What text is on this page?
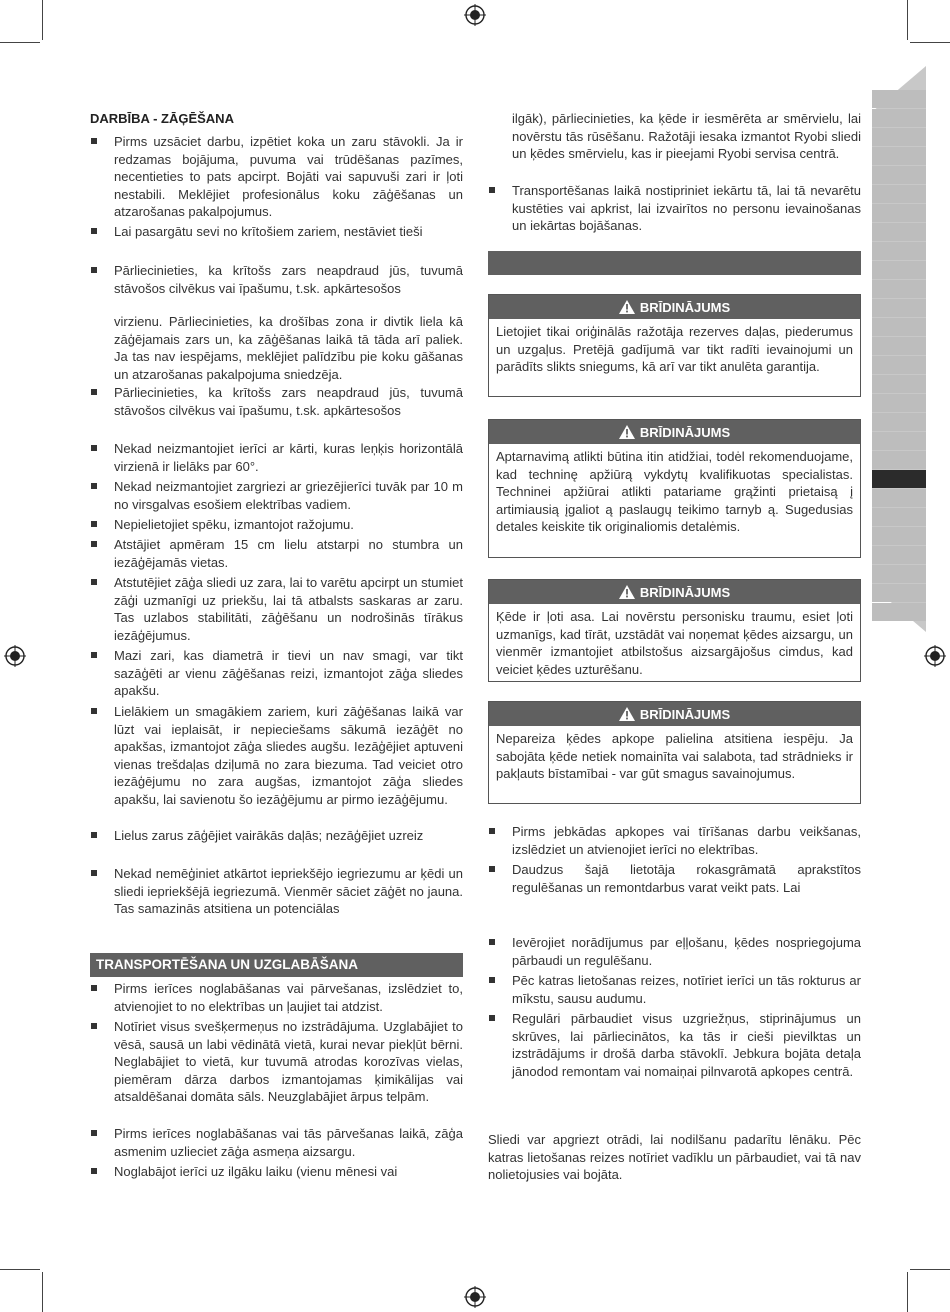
DARBĪBA - ZĀĢĒŠANA

Pirms uzsāciet darbu, izpētiet koka un zaru stāvokli. Ja ir redzamas bojājuma, puvuma vai trūdēšanas pazīmes, necentieties to pats apcirpt. Bojāti vai sapuvuši zari ir ļoti nestabili. Meklējiet profesionālus koku zāģēšanas un atzarošanas pakalpojumus.
Lai pasargātu sevi no krītošiem zariem, nestāviet tieši
Pārliecinieties, ka krītošs zars neapdraud jūs, tuvumā stāvošos cilvēkus vai īpašumu, t.sk. apkārtesošos
virzienu. Pārliecinieties, ka drošības zona ir divtik liela kā zāģējamais zars un, ka zāģēšanas laikā tā tāda arī paliek. Ja tas nav iespējams, meklējiet palīdzību pie koku gāšanas un atzarošanas pakalpojuma sniedzēja.
Pārliecinieties, ka krītošs zars neapdraud jūs, tuvumā stāvošos cilvēkus vai īpašumu, t.sk. apkārtesošos
Nekad neizmantojiet ierīci ar kārti, kuras leņķis horizontālā virzienā ir lielāks par 60°.
Nekad neizmantojiet zargriezi ar griezējierīci tuvāk par 10 m no virsgalvas esošiem elektrības vadiem.
Nepielietojiet spēku, izmantojot ražojumu.
Atstājiet apmēram 15 cm lielu atstarpi no stumbra un iezāģējamās vietas.
Atstutējiet zāģa sliedi uz zara, lai to varētu apcirpt un stumiet zāģi uzmanīgi uz priekšu, lai tā atbalsts saskaras ar zaru. Tas uzlabos stabilitāti, zāģēšanu un nodrošinās tīrākus iezāģējumus.
Mazi zari, kas diametrā ir tievi un nav smagi, var tikt sazāģēti ar vienu zāģēšanas reizi, izmantojot zāģa sliedes apakšu.
Lielākiem un smagākiem zariem, kuri zāģēšanas laikā var lūzt vai ieplaisāt, ir nepieciešams sākumā iezāģēt no apakšas, izmantojot zāģa sliedes augšu. Iezāģējiet aptuveni vienas trešdaļas dziļumā no zara biezuma. Tad veiciet otro iezāģējumu no zara augšas, izmantojot zāģa sliedes apakšu, lai savienotu šo iezāģējumu ar pirmo iezāģējumu.
Lielus zarus zāģējiet vairākās daļās; nezāģējiet uzreiz
Nekad nemēģiniet atkārtot iepriekšējo iegriezumu ar ķēdi un sliedi iepriekšējā iegriezumā. Vienmēr sāciet zāģēt no jauna. Tas samazinās atsitiena un potenciālas
TRANSPORTĒŠANA UN UZGLABĀŠANA
Pirms ierīces noglabāšanas vai pārvešanas, izslēdziet to, atvienojiet to no elektrības un ļaujiet tai atdzist.
Notīriet visus svešķermeņus no izstrādājuma. Uzglabājiet to vēsā, sausā un labi vēdinātā vietā, kurai nevar piekļūt bērni. Neglabājiet to vietā, kur tuvumā atrodas korozīvas vielas, piemēram dārza darbos izmantojamas ķimikālijas vai atsaldēšanai domāta sāls. Neuzglabājiet ārpus telpām.
Pirms ierīces noglabāšanas vai tās pārvešanas laikā, zāģa asmenim uzlieciet zāģa asmeņa aizsargu.
Noglabājot ierīci uz ilgāku laiku (vienu mēnesi vai
ilgāk), pārliecinieties, ka ķēde ir iesmērēta ar smērvielu, lai novērstu tās rūsēšanu. Ražotāji iesaka izmantot Ryobi sliedi un ķēdes smērvielu, kas ir pieejami Ryobi servisa centrā.
Transportēšanas laikā nostipriniet iekārtu tā, lai tā nevarētu kustēties vai apkrist, lai izvairītos no personu ievainošanas un iekārtas bojāšanas.
BRĪDINĀJUMS
Lietojiet tikai oriģinālās ražotāja rezerves daļas, piederumus un uzgaļus. Pretējā gadījumā var tikt radīti ievainojumi un parādīts slikts sniegums, kā arī var tikt anulēta garantija.
BRĪDINĀJUMS
Aptarnavimą atlikti būtina itin atidžiai, todėl rekomenduojame, kad techninę apžiūrą vykdytų kvalifikuotas specialistas. Techninei apžiūrai atlikti patariame grąžinti prietaisą į artimiausią įgaliot ą paslaugų teikimo tarnyb ą. Sugedusias detales keiskite tik originaliomis detalėmis.
BRĪDINĀJUMS
Ķēde ir ļoti asa. Lai novērstu personisku traumu, esiet ļoti uzmanīgs, kad tīrāt, uzstādāt vai noņemat ķēdes aizsargu, un vienmēr izmantojiet atbilstošus aizsargājošus cimdus, kad veiciet ķēdes uzturēšanu.
BRĪDINĀJUMS
Nepareiza ķēdes apkope palielina atsitiena iespēju. Ja sabojāta ķēde netiek nomainīta vai salabota, tad strādnieks ir pakļauts bīstamībai - var gūt smagus savainojumus.
Pirms jebkādas apkopes vai tīrīšanas darbu veikšanas, izslēdziet un atvienojiet ierīci no elektrības.
Daudzus šajā lietotāja rokasgrāmatā aprakstītos regulēšanas un remontdarbus varat veikt pats. Lai
Ievērojiet norādījumus par eļļošanu, ķēdes nospriegojuma pārbaudi un regulēšanu.
Pēc katras lietošanas reizes, notīriet ierīci un tās rokturus ar mīkstu, sausu audumu.
Regulāri pārbaudiet visus uzgriežņus, stiprinājumus un skrūves, lai pārliecinātos, ka tās ir cieši pievilktas un izstrādājums ir drošā darba stāvoklī. Jebkura bojāta detaļa jānodod remontam vai nomaiņai pilnvarotā apkopes centrā.
Sliedi var apgriezt otrādi, lai nodilšanu padarītu lēnāku. Pēc katras lietošanas reizes notīriet vadīklu un pārbaudiet, vai tā nav nolietojusies vai bojāta.
